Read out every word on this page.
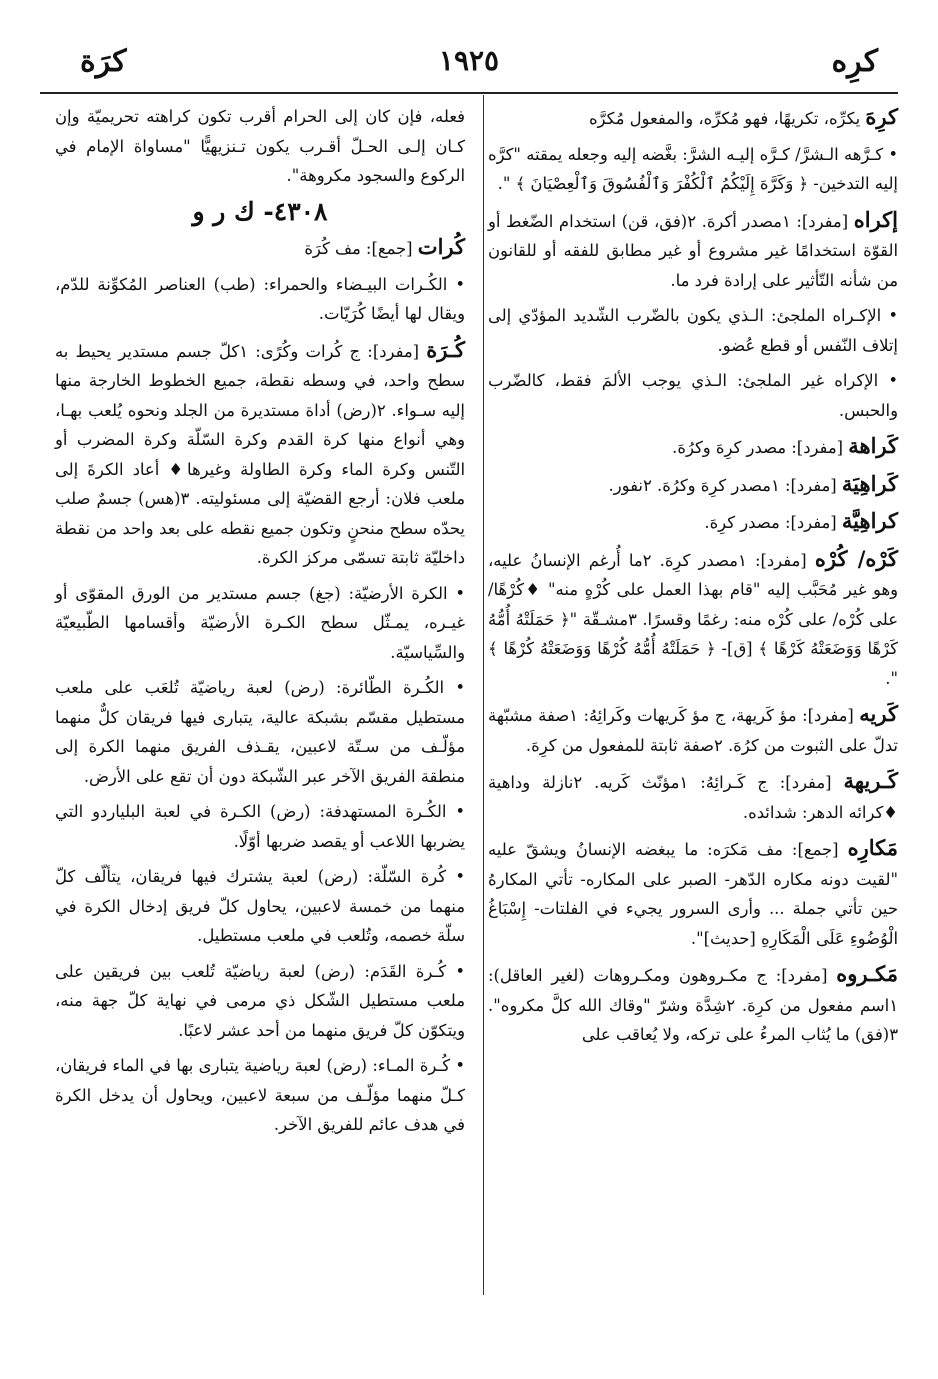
كرِه
١٩٢٥
كرَة

كرِهَ يكرِّه، تكريهًا، فهو مُكرِّه، والمفعول مُكرَّه

• كـرَّهه الـشرَّ/ كـرَّه إليـه الشرَّ: بغَّضه إليه وجعله يمقته "كرَّه إليه التدخين- ﴿ وَكَرَّهَ إِلَيْكُمُ ٱلْكُفْرَ وَٱلْفُسُوقَ وَٱلْعِصْيَانَ ﴾ ".

إكراه [مفرد]: ١مصدر أكرهَ. ٢(فق، قن) استخدام الضّغط أو القوّة استخدامًا غير مشروع أو غير مطابق للفقه أو للقانون من شأنه التّأثير على إرادة فرد ما.

• الإكـراه الملجئ: الـذي يكون بالضّرب الشّديد المؤدّي إلى إتلاف النّفس أو قطع عُضو.

• الإكراه غير الملجئ: الـذي يوجب الألمَ فقط، كالضّرب والحبس.

كَراهة [مفرد]: مصدر كرِهَ وكرُهَ.

كَراهِيَة [مفرد]: ١مصدر كرِهَ وكرُهَ. ٢نفور.

كراهِيَّة [مفرد]: مصدر كرِهَ.

كَرْه/ كُرْه [مفرد]: ١مصدر كرِهَ. ٢ما أُرغم الإنسانُ عليه، وهو غير مُحَبَّب إليه "قام بهذا العمل على كُرْهٍ منه" ♦كُرْهًا/ على كُرْه/ على كُرْه منه: رغمًا وقسرًا. ٣مشـقّة "﴿ حَمَلَتْهُ أُمُّهُ كَرْهًا وَوَضَعَتْهُ كَرْهًا ﴾ [ق]- ﴿ حَمَلَتْهُ أُمُّهُ كُرْهًا وَوَضَعَتْهُ كُرْهًا ﴾ ".

كَريه [مفرد]: مؤ كَريهة، ج مؤ كَريهات وكَرائِهُ: ١صفة مشبّهة تدلّ على الثبوت من كرُهَ. ٢صفة ثابتة للمفعول من كرِهَ.

كَـريهة [مفرد]: ج كَـرائِهُ: ١مؤنّث كَريه. ٢نازلة وداهية ♦كرائه الدهر: شدائده.

مَكارِه [جمع]: مف مَكرَه: ما يبغضه الإنسانُ ويشقّ عليه "لقيت دونه مكاره الدّهر- الصبر على المكاره- تأتي المكارهُ حين تأتي جملة ... وأرى السرور يجيء في الفلتات- إِسْبَاغُ الْوُضُوءِ عَلَى الْمَكَارِهِ [حديث]".

مَكـروه [مفرد]: ج مكـروهون ومكـروهات (لغير العاقل): ١اسم مفعول من كرِهَ. ٢شِدَّة وشرّ "وقاك الله كلَّ مكروه". ٣(فق) ما يُثاب المرءُ على تركه، ولا يُعاقب على

فعله، فإن كان إلى الحرام أقرب تكون كراهته تحريميّة وإن كـان إلـى الحـلّ أقـرب يكون تـنزيهيًّا "مساواة الإمام في الركوع والسجود مكروهة".

٤٣٠٨- ك ر و

كُرات [جمع]: مف كُرَة

• الكُـرات البيـضاء والحمراء: (طب) العناصر المُكوِّنة للدّم، ويقال لها أيضًا كُرَيّات.

كُـرَة [مفرد]: ج كُرات وكُرًى: ١كلّ جسم مستدير يحيط به سطح واحد، في وسطه نقطة، جميع الخطوط الخارجة منها إليه سـواء. ٢(رض) أداة مستديرة من الجلد ونحوه يُلعب بهـا، وهي أنواع منها كرة القدم وكرة السّلّة وكرة المضرب أو التّنس وكرة الماء وكرة الطاولة وغيرها♦ أعاد الكرةَ إلى ملعب فلان: أرجع القضيّة إلى مسئوليته. ٣(هس) جسمٌ صلب يحدّه سطح منحنٍ وتكون جميع نقطه على بعد واحد من نقطة داخليّة ثابتة تسمّى مركز الكرة.

• الكرة الأرضيّة: (جغ) جسم مستدير من الورق المقوّى أو غيـره، يمـثّل سطح الكـرة الأرضيّة وأقسامها الطّبيعيّة والسِّياسيّة.

• الكُـرة الطّائرة: (رض) لعبة رياضيّة تُلعَب على ملعب مستطيل مقسّم بشبكة عالية، يتبارى فيها فريقان كلٌّ منهما مؤلّـف من سـتّة لاعبين، يقـذف الفريق منهما الكرة إلى منطقة الفريق الآخر عبر الشّبكة دون أن تقع على الأرض.

• الكُـرة المستهدفة: (رض) الكـرة في لعبة البلياردو التي يضربها اللاعب أو يقصد ضربها أوّلًا.

• كُرة السّلّة: (رض) لعبة يشترك فيها فريقان، يتألّف كلّ منهما من خمسة لاعبين، يحاول كلّ فريق إدخال الكرة في سلّة خصمه، وتُلعب في ملعب مستطيل.

• كُـرة القَدَم: (رض) لعبة رياضيّة تُلعب بين فريقين على ملعب مستطيل الشّكل ذي مرمى في نهاية كلّ جهة منه، ويتكوّن كلّ فريق منهما من أحد عشر لاعبًا.

• كُـرة المـاء: (رض) لعبة رياضية يتبارى بها في الماء فريقان، كـلّ منهما مؤلّـف من سبعة لاعبين، ويحاول أن يدخل الكرة في هدف عائم للفريق الآخر.
